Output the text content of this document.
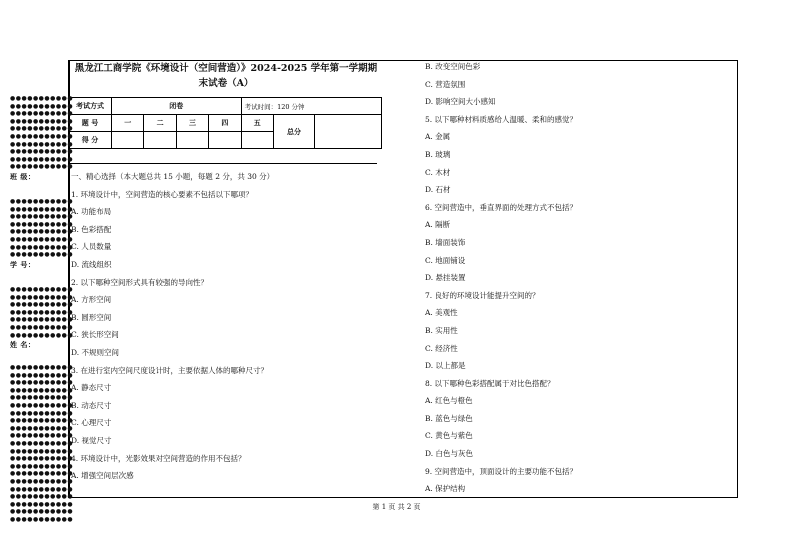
黑龙江工商学院《环境设计（空间营造）》2024-2025 学年第一学期期
末试卷（A）
考试方式	闭卷				考试时间：120 分钟		
题 号	一	二	三	四	五	总分	
得 分							
●●●●●●●●●●●
●●●●●●●●●●●
●●●●●●●●●●●
●●●●●●●●●●●
●●●●●●●●●●●
●●●●●●●●●●●
●●●●●●●●●●●
●●●●●●●●●●●
●●●●●●●●●●●
●●●●●●●●●●●
班 级：
●●●●●●●●●●●
●●●●●●●●●●●
●●●●●●●●●●●
●●●●●●●●●●●
●●●●●●●●●●●
●●●●●●●●●●●
●●●●●●●●●●●
●●●●●●●●●●●
学 号：
●●●●●●●●●●●
●●●●●●●●●●●
●●●●●●●●●●●
●●●●●●●●●●●
●●●●●●●●●●●
●●●●●●●●●●●
●●●●●●●●●●●
姓 名：
●●●●●●●●●●●
●●●●●●●●●●●
●●●●●●●●●●●
●●●●●●●●●●●
●●●●●●●●●●●
●●●●●●●●●●●
●●●●●●●●●●●
●●●●●●●●●●●
●●●●●●●●●●●
●●●●●●●●●●●
●●●●●●●●●●●
●●●●●●●●●●●
●●●●●●●●●●●
●●●●●●●●●●●
●●●●●●●●●●●
●●●●●●●●●●●
●●●●●●●●●●●
●●●●●●●●●●●
●●●●●●●●●●●
●●●●●●●●●●●
●●●●●●●●●●●
一、精心选择（本大题总共 15 小题，每题 2 分，共 30 分）
1. 环境设计中，空间营造的核心要素不包括以下哪项？
A. 功能布局
B. 色彩搭配
C. 人员数量
D. 流线组织
2. 以下哪种空间形式具有较强的导向性？
A. 方形空间
B. 圆形空间
C. 狭长形空间
D. 不规则空间
3. 在进行室内空间尺度设计时，主要依据人体的哪种尺寸？
A. 静态尺寸
B. 动态尺寸
C. 心理尺寸
D. 视觉尺寸
4. 环境设计中，光影效果对空间营造的作用不包括？
A. 增强空间层次感
B. 改变空间色彩
C. 营造氛围
D. 影响空间大小感知
5. 以下哪种材料质感给人温暖、柔和的感觉？
A. 金属
B. 玻璃
C. 木材
D. 石材
6. 空间营造中，垂直界面的处理方式不包括？
A. 隔断
B. 墙面装饰
C. 地面铺设
D. 悬挂装置
7. 良好的环境设计能提升空间的？
A. 美观性
B. 实用性
C. 经济性
D. 以上都是
8. 以下哪种色彩搭配属于对比色搭配？
A. 红色与橙色
B. 蓝色与绿色
C. 黄色与紫色
D. 白色与灰色
9. 空间营造中，顶面设计的主要功能不包括？
A. 保护结构
第 1 页 共 2 页
